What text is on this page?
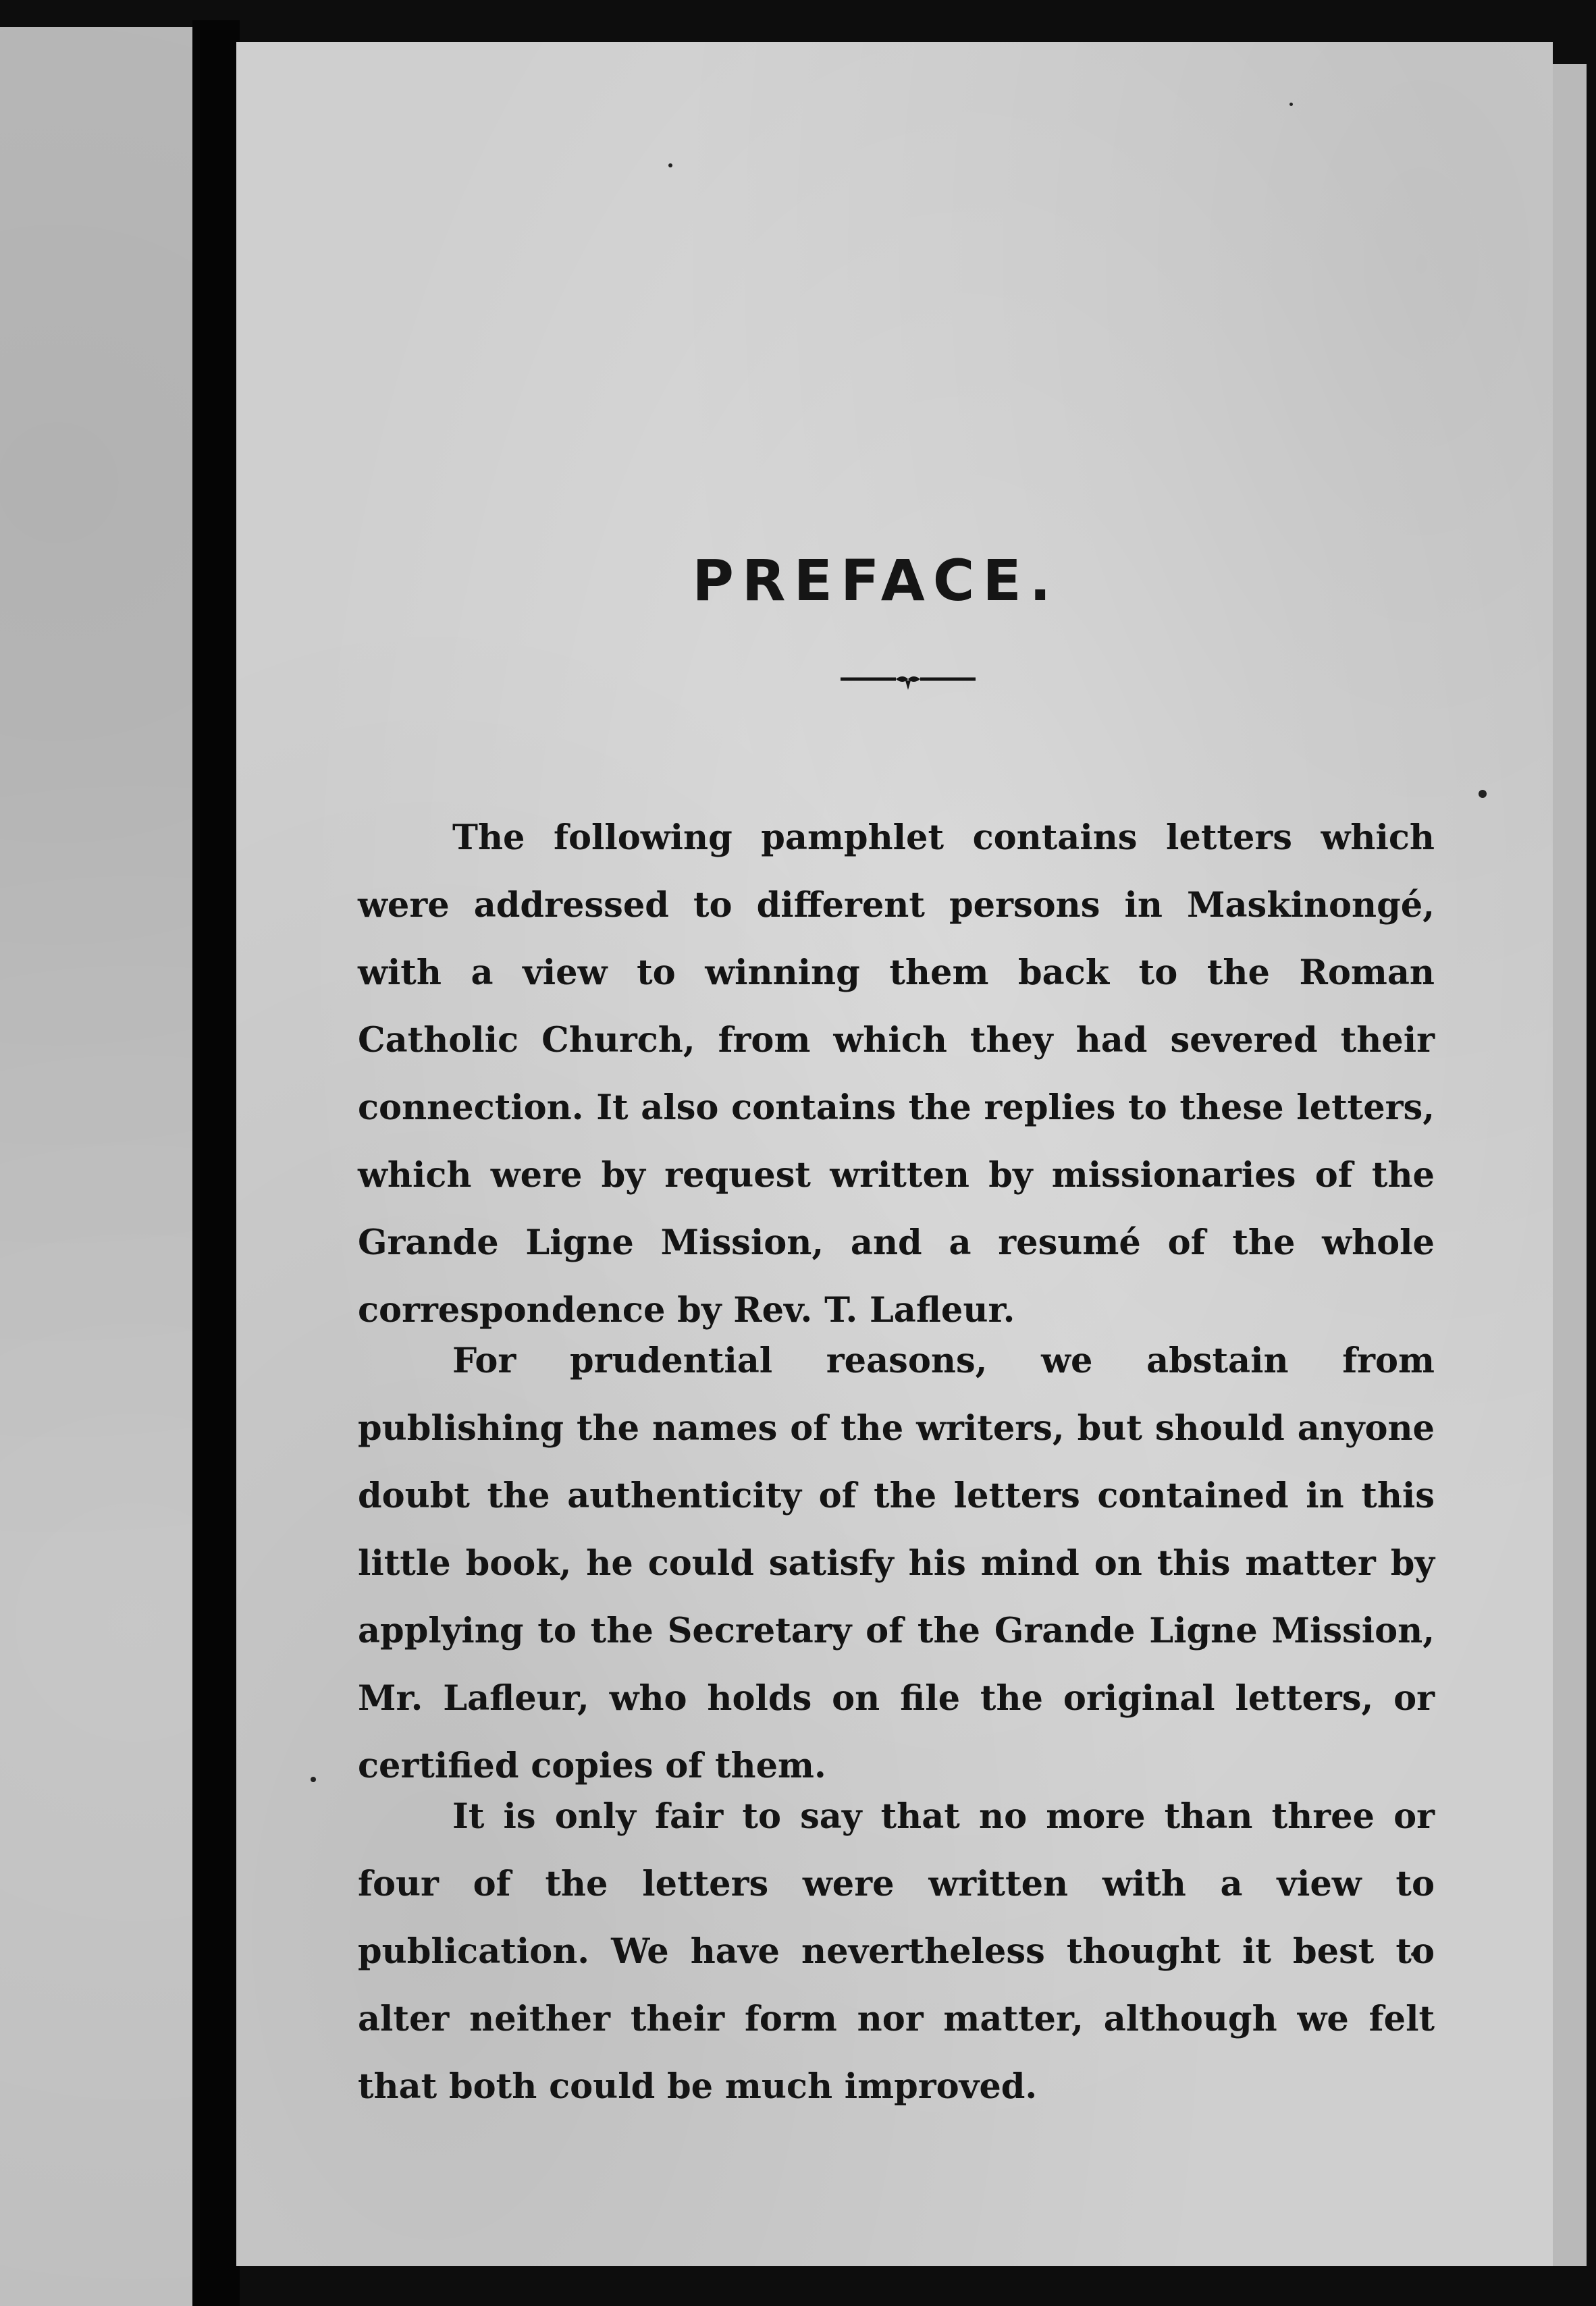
PREFACE.

The following pamphlet contains letters which were addressed to different persons in Maskinongé, with a view to winning them back to the Roman Catholic Church, from which they had severed their connection. It also contains the replies to these letters, which were by request written by missionaries of the Grande Ligne Mission, and a resumé of the whole correspondence by Rev. T. Lafleur.

For prudential reasons, we abstain from publishing the names of the writers, but should anyone doubt the authenticity of the letters contained in this little book, he could satisfy his mind on this matter by applying to the Secretary of the Grande Ligne Mission, Mr. Lafleur, who holds on file the original letters, or certified copies of them.

It is only fair to say that no more than three or four of the letters were written with a view to publication. We have nevertheless thought it best to alter neither their form nor matter, although we felt that both could be much improved.
